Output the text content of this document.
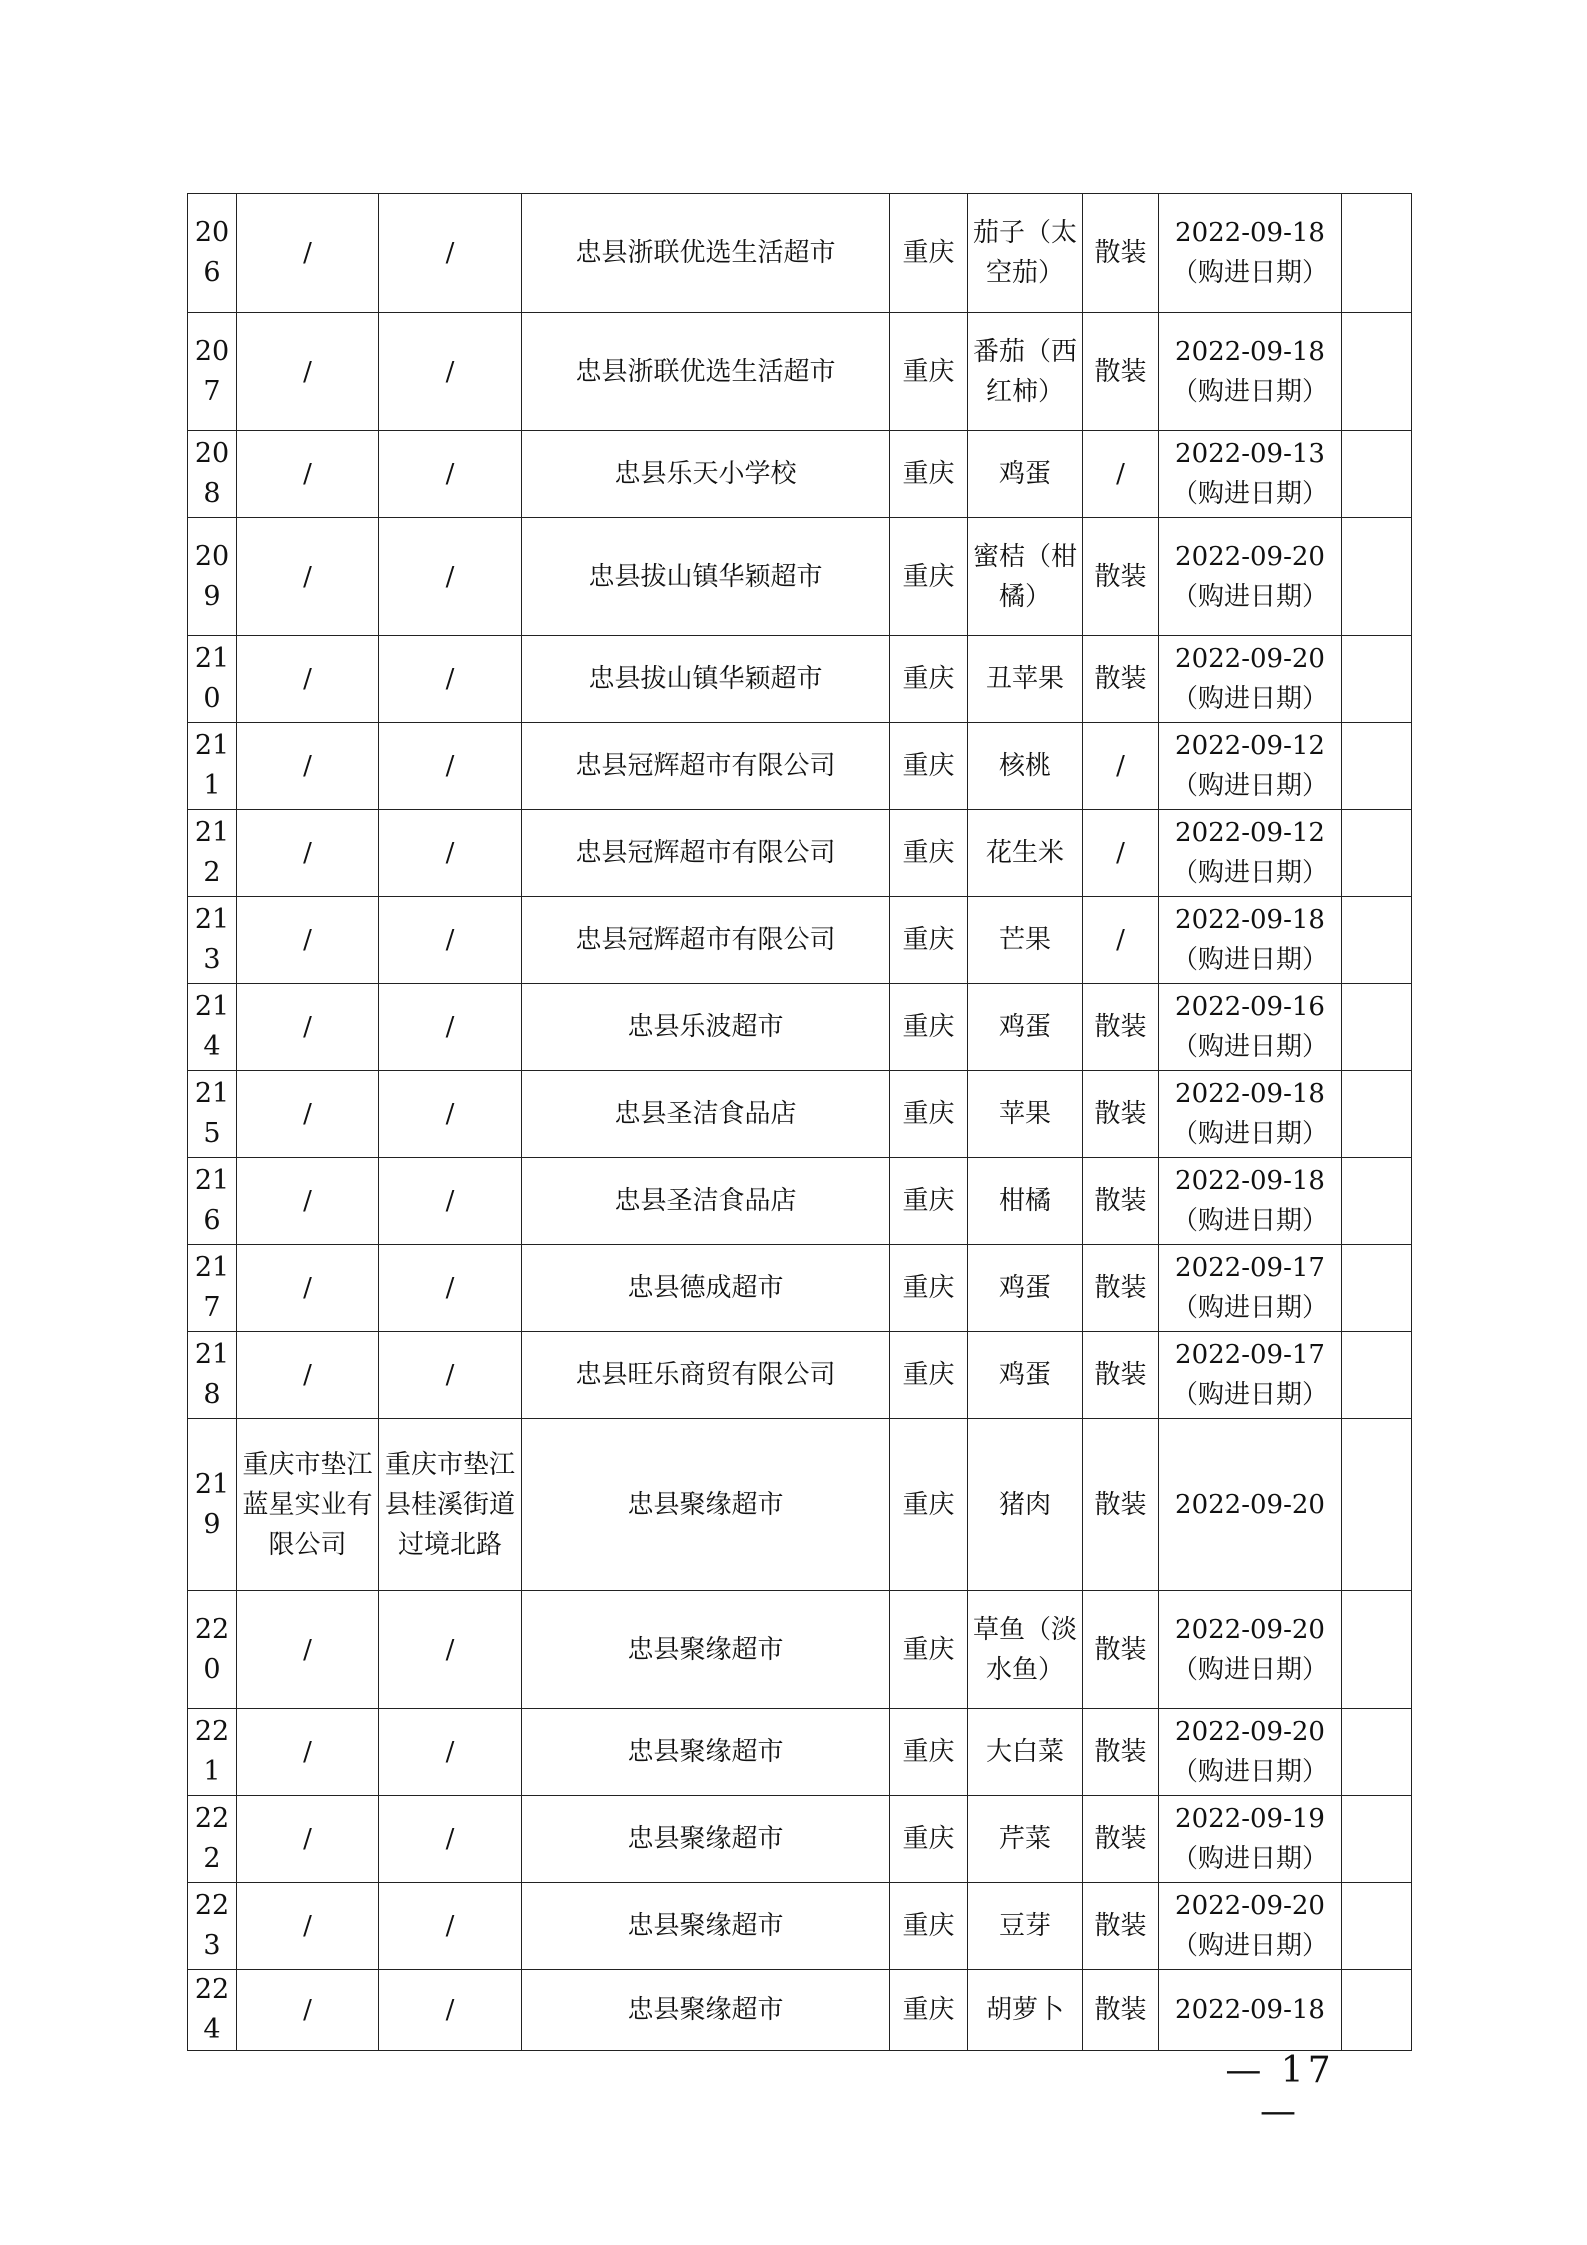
206	/	/	忠县浙联优选生活超市	重庆	茄子（太空茄）	散装	2022-09-18
（购进日期）	

207	/	/	忠县浙联优选生活超市	重庆	番茄（西红柿）	散装	2022-09-18
（购进日期）	

208	/	/	忠县乐天小学校	重庆	鸡蛋	/	2022-09-13
（购进日期）	

209	/	/	忠县拔山镇华颖超市	重庆	蜜桔（柑橘）	散装	2022-09-20
（购进日期）	

210	/	/	忠县拔山镇华颖超市	重庆	丑苹果	散装	2022-09-20
（购进日期）	

211	/	/	忠县冠辉超市有限公司	重庆	核桃	/	2022-09-12
（购进日期）	

212	/	/	忠县冠辉超市有限公司	重庆	花生米	/	2022-09-12
（购进日期）	

213	/	/	忠县冠辉超市有限公司	重庆	芒果	/	2022-09-18
（购进日期）	

214	/	/	忠县乐波超市	重庆	鸡蛋	散装	2022-09-16
（购进日期）	

215	/	/	忠县圣洁食品店	重庆	苹果	散装	2022-09-18
（购进日期）	

216	/	/	忠县圣洁食品店	重庆	柑橘	散装	2022-09-18
（购进日期）	

217	/	/	忠县德成超市	重庆	鸡蛋	散装	2022-09-17
（购进日期）	

218	/	/	忠县旺乐商贸有限公司	重庆	鸡蛋	散装	2022-09-17
（购进日期）	

219	重庆市垫江蓝星实业有限公司	重庆市垫江县桂溪街道过境北路	忠县聚缘超市	重庆	猪肉	散装	2022-09-20	

220	/	/	忠县聚缘超市	重庆	草鱼（淡水鱼）	散装	2022-09-20
（购进日期）	

221	/	/	忠县聚缘超市	重庆	大白菜	散装	2022-09-20
（购进日期）	

222	/	/	忠县聚缘超市	重庆	芹菜	散装	2022-09-19
（购进日期）	

223	/	/	忠县聚缘超市	重庆	豆芽	散装	2022-09-20
（购进日期）	

224	/	/	忠县聚缘超市	重庆	胡萝卜	散装	2022-09-18	

— 17 —
